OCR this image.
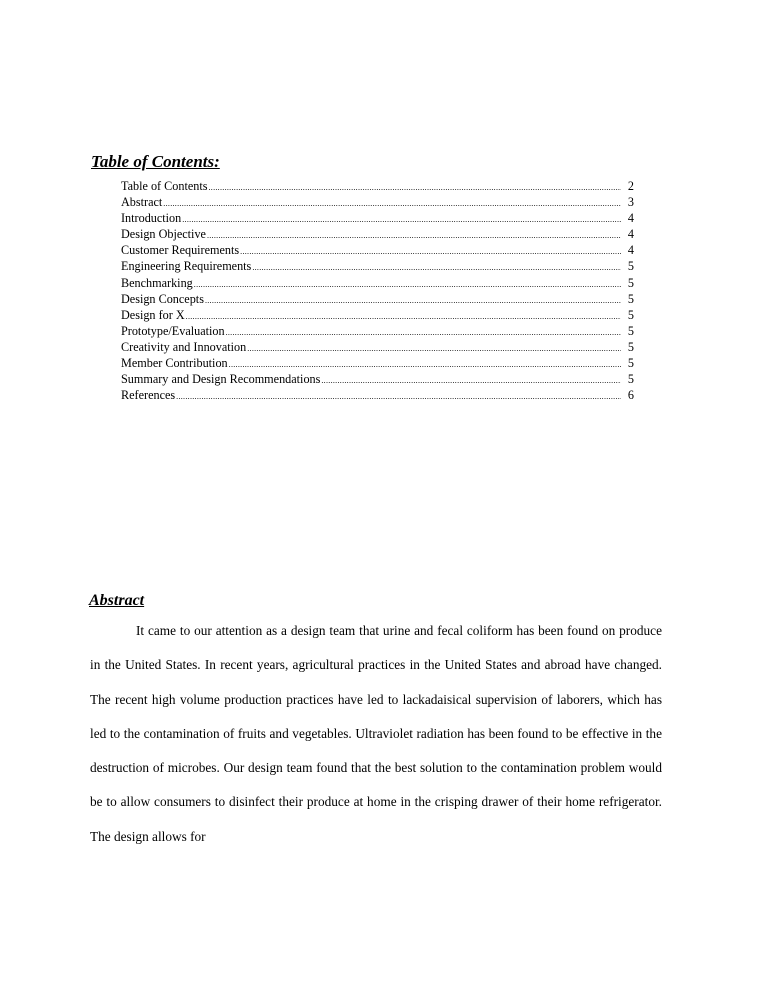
Table of Contents:
Table of Contents .....	2
Abstract .....	3
Introduction .....	4
Design Objective .....	4
Customer Requirements .....	4
Engineering Requirements .....	5
Benchmarking .....	5
Design Concepts .....	5
Design for X .....	5
Prototype/Evaluation .....	5
Creativity and Innovation .....	5
Member Contribution .....	5
Summary and Design Recommendations .....	5
References .....	6
Abstract

It came to our attention as a design team that urine and fecal coliform has been found on produce in the United States. In recent years, agricultural practices in the United States and abroad have changed. The recent high volume production practices have led to lackadaisical supervision of laborers, which has led to the contamination of fruits and vegetables. Ultraviolet radiation has been found to be effective in the destruction of microbes. Our design team found that the best solution to the contamination problem would be to allow consumers to disinfect their produce at home in the crisping drawer of their home refrigerator. The design allows for
